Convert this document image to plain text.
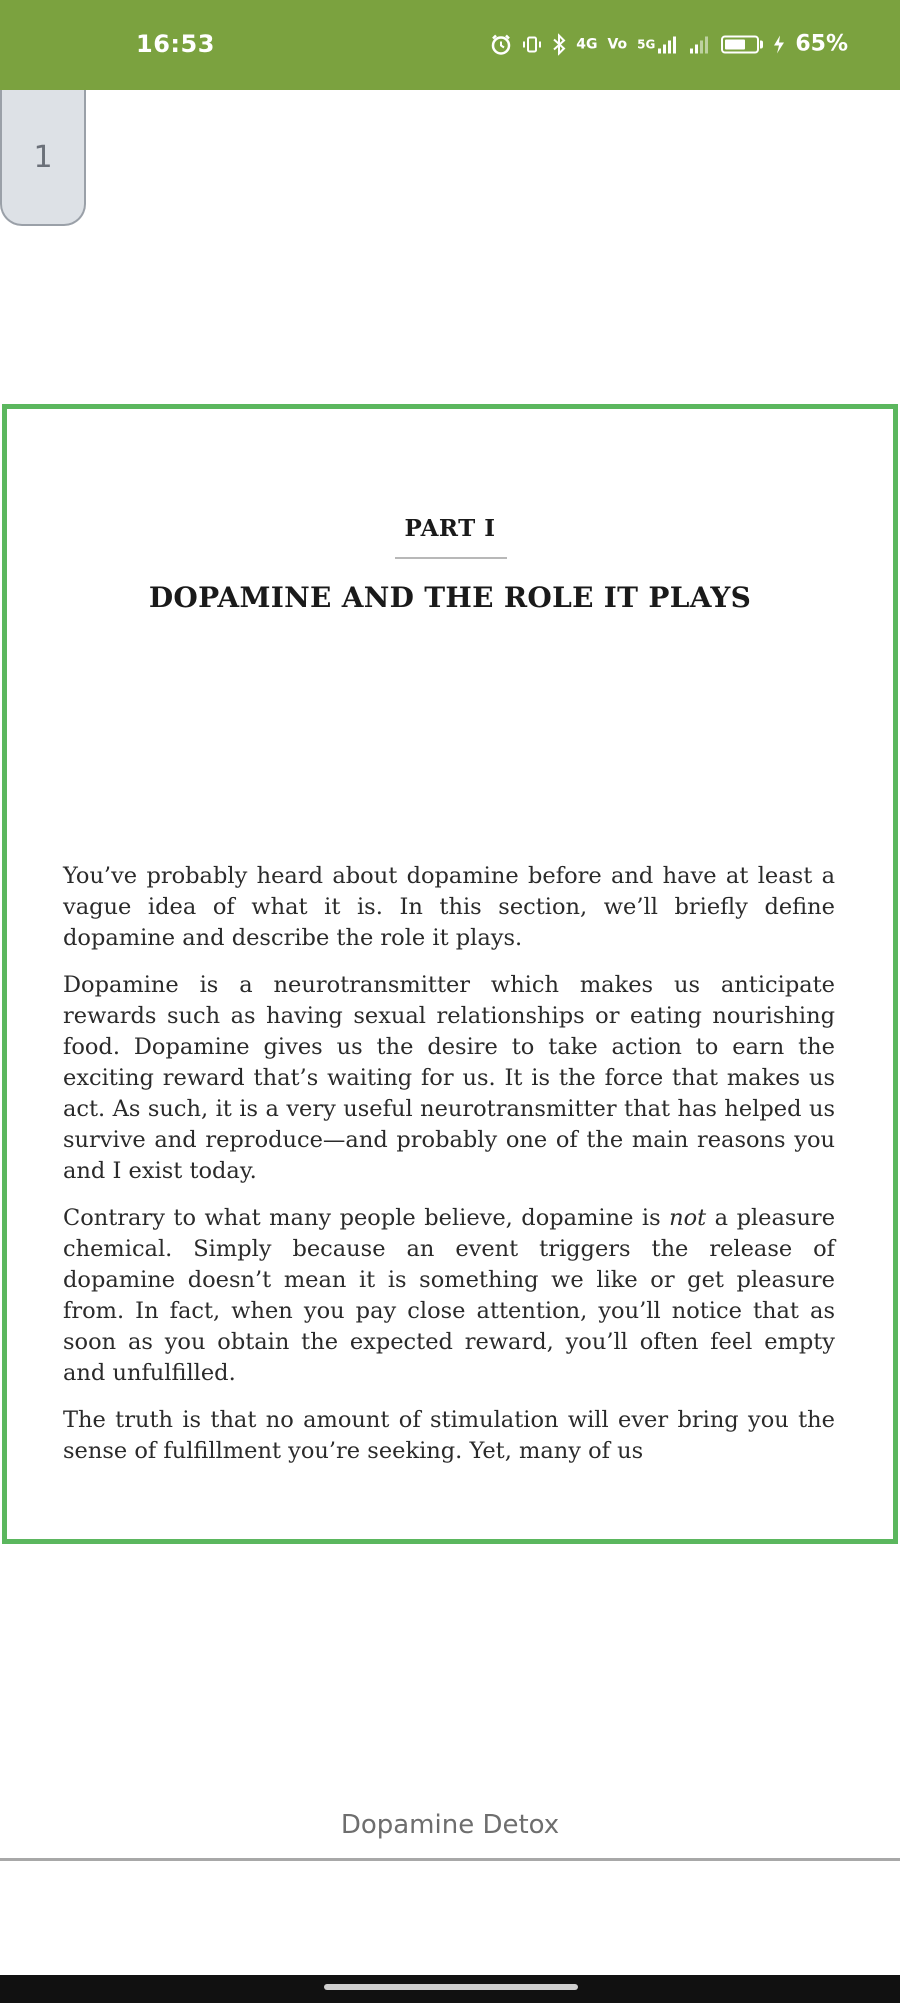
16:53	4G Vo 5G	65%
1
PART I
DOPAMINE AND THE ROLE IT PLAYS

You’ve probably heard about dopamine before and have at least a vague idea of what it is. In this section, we’ll briefly define dopamine and describe the role it plays.

Dopamine is a neurotransmitter which makes us anticipate rewards such as having sexual relationships or eating nourishing food. Dopamine gives us the desire to take action to earn the exciting reward that’s waiting for us. It is the force that makes us act. As such, it is a very useful neurotransmitter that has helped us survive and reproduce—and probably one of the main reasons you and I exist today.

Contrary to what many people believe, dopamine is not a pleasure chemical. Simply because an event triggers the release of dopamine doesn’t mean it is something we like or get pleasure from. In fact, when you pay close attention, you’ll notice that as soon as you obtain the expected reward, you’ll often feel empty and unfulfilled.

The truth is that no amount of stimulation will ever bring you the sense of fulfillment you’re seeking. Yet, many of us

Dopamine Detox
